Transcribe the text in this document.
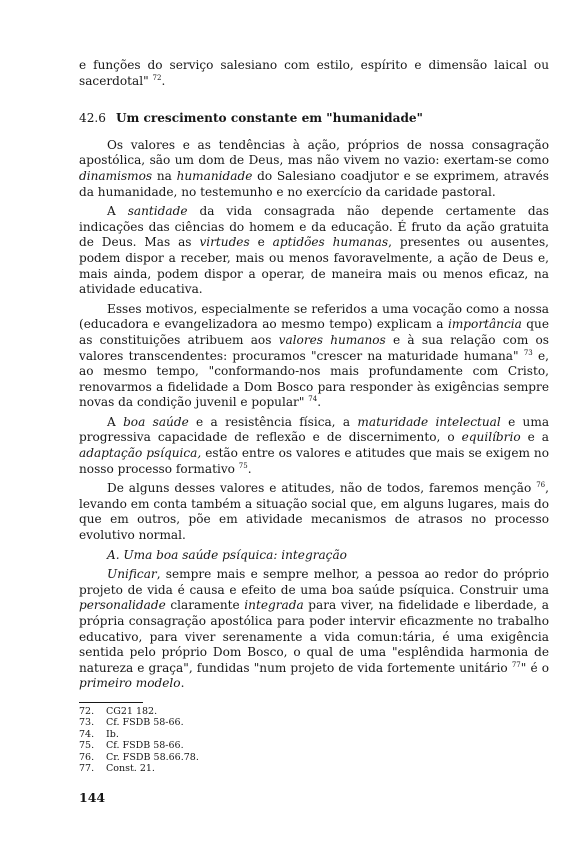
e funções do serviço salesiano com estilo, espírito e dimensão laical ou sacerdotal" $^{72}$.

42.6 Um crescimento constante em "humanidade"

Os valores e as tendências à ação, próprios de nossa consagração apostólica, são um dom de Deus, mas não vivem no vazio: exertam-se como dinamismos na humanidade do Salesiano coadjutor e se exprimem, através da humanidade, no testemunho e no exercício da caridade pastoral.

A santidade da vida consagrada não depende certamente das indicações das ciências do homem e da educação. É fruto da ação gratuita de Deus. Mas as virtudes e aptidões humanas, presentes ou ausentes, podem dispor a receber, mais ou menos favoravelmente, a ação de Deus e, mais ainda, podem dispor a operar, de maneira mais ou menos eficaz, na atividade educativa.

Esses motivos, especialmente se referidos a uma vocação como a nossa (educadora e evangelizadora ao mesmo tempo) explicam a importância que as constituições atribuem aos valores humanos e à sua relação com os valores transcendentes: procuramos "crescer na maturidade humana" $^{73}$ e, ao mesmo tempo, "conformando-nos mais profundamente com Cristo, renovarmos a fidelidade a Dom Bosco para responder às exigências sempre novas da condição juvenil e popular" $^{74}$.

A boa saúde e a resistência física, a maturidade intelectual e uma progressiva capacidade de reflexão e de discernimento, o equilíbrio e a adaptação psíquica, estão entre os valores e atitudes que mais se exigem no nosso processo formativo $^{75}$.

De alguns desses valores e atitudes, não de todos, faremos menção $^{76}$, levando em conta também a situação social que, em alguns lugares, mais do que em outros, põe em atividade mecanismos de atrasos no processo evolutivo normal.

A. Uma boa saúde psíquica: integração

Unificar, sempre mais e sempre melhor, a pessoa ao redor do próprio projeto de vida é causa e efeito de uma boa saúde psíquica. Construir uma personalidade claramente integrada para viver, na fidelidade e liberdade, a própria consagração apostólica para poder intervir eficazmente no trabalho educativo, para viver serenamente a vida comun:tária, é uma exigência sentida pelo próprio Dom Bosco, o qual de uma "esplêndida harmonia de natureza e graça", fundidas "num projeto de vida fortemente unitário $^{77}$" é o primeiro modelo.

72.	CG21 182.
73.	Cf. FSDB 58-66.
74.	Ib.
75.	Cf. FSDB 58-66.
76.	Cr. FSDB 58.66.78.
77.	Const. 21.
144
